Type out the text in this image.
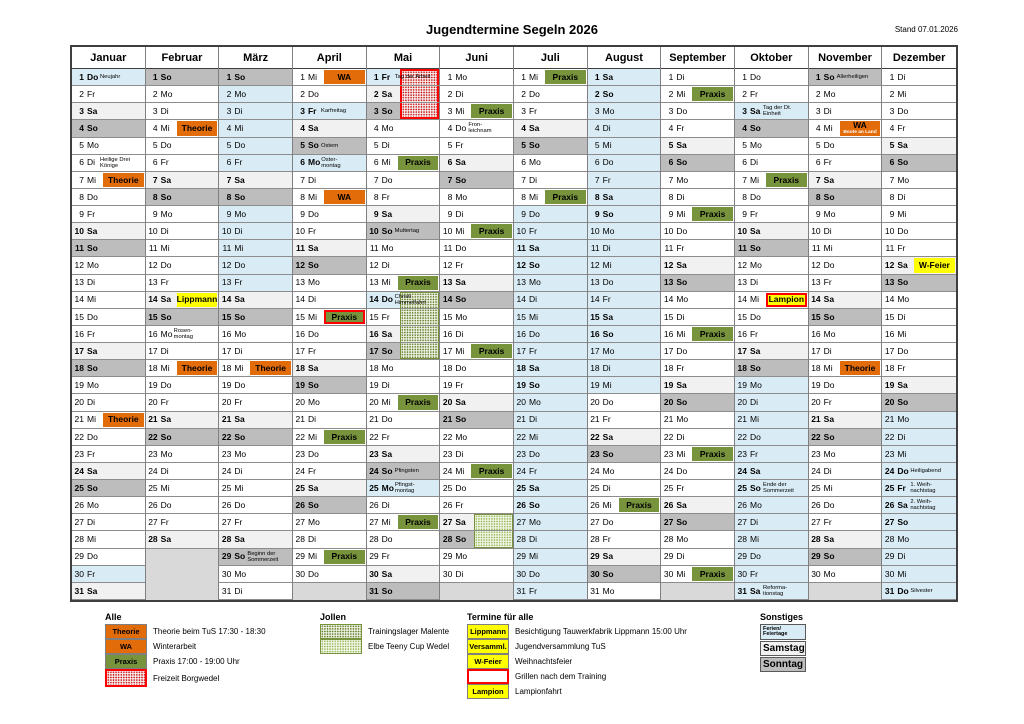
Jugendtermine Segeln 2026	Stand 07.01.2026
Januar
1 Do Neujahr
2 Fr
3 Sa
4 So
5 Mo
6 Di Heilige Drei
Könige
7 Mi	Theorie
8 Do
9 Fr
10 Sa
11 So
12 Mo
13 Di
14 Mi
15 Do
16 Fr
17 Sa
18 So
19 Mo
20 Di
21 Mi	Theorie
22 Do
23 Fr
24 Sa
25 So
26 Mo
27 Di
28 Mi
29 Do
30 Fr
31 Sa
Februar
1 So
2 Mo
3 Di
4 Mi	Theorie
5 Do
6 Fr
7 Sa
8 So
9 Mo
10 Di
11 Mi
12 Do
13 Fr
14 Sa Lippmann
15 So
16 Mo Rosen-
montag
17 Di
18 Mi	Theorie
19 Do
20 Fr
21 Sa
22 So
23 Mo
24 Di
25 Mi
26 Do
27 Fr
28 Sa
März
1 So
2 Mo
3 Di
4 Mi
5 Do
6 Fr
7 Sa
8 So
9 Mo
10 Di
11 Mi
12 Do
13 Fr
14 Sa
15 So
16 Mo
17 Di
18 Mi	Theorie
19 Do
20 Fr
21 Sa
22 So
23 Mo
24 Di
25 Mi
26 Do
27 Fr
28 Sa
29 So Beginn der
Sommerzeit
30 Mo
31 Di
April
1 Mi	WA
2 Do
3 Fr Karfreitag
4 Sa
5 So Ostern
6 Mo Oster-
montag
7 Di
8 Mi	WA
9 Do
10 Fr
11 Sa
12 So
13 Mo
14 Di
15 Mi	Praxis
16 Do
17 Fr
18 Sa
19 So
20 Mo
21 Di
22 Mi	Praxis
23 Do
24 Fr
25 Sa
26 So
27 Mo
28 Di
29 Mi	Praxis
30 Do
Mai
1 Fr Tag der Arbeit
2 Sa
3 So
4 Mo
5 Di
6 Mi	Praxis
7 Do
8 Fr
9 Sa
10 So Muttertag
11 Mo
12 Di
13 Mi	Praxis
14 Do Christi
Himmelfahrt
15 Fr
16 Sa
17 So
18 Mo
19 Di
20 Mi	Praxis
21 Do
22 Fr
23 Sa
24 So Pfingsten
25 Mo Pfingst-
montag
26 Di
27 Mi	Praxis
28 Do
29 Fr
30 Sa
31 So
Juni
1 Mo
2 Di
3 Mi	Praxis
4 Do Fron-
leichnam
5 Fr
6 Sa
7 So
8 Mo
9 Di
10 Mi	Praxis
11 Do
12 Fr
13 Sa
14 So
15 Mo
16 Di
17 Mi	Praxis
18 Do
19 Fr
20 Sa
21 So
22 Mo
23 Di
24 Mi	Praxis
25 Do
26 Fr
27 Sa
28 So
29 Mo
30 Di
Juli
1 Mi	Praxis
2 Do
3 Fr
4 Sa
5 So
6 Mo
7 Di
8 Mi	Praxis
9 Do
10 Fr
11 Sa
12 So
13 Mo
14 Di
15 Mi
16 Do
17 Fr
18 Sa
19 So
20 Mo
21 Di
22 Mi
23 Do
24 Fr
25 Sa
26 So
27 Mo
28 Di
29 Mi
30 Do
31 Fr
August
1 Sa
2 So
3 Mo
4 Di
5 Mi
6 Do
7 Fr
8 Sa
9 So
10 Mo
11 Di
12 Mi
13 Do
14 Fr
15 Sa
16 So
17 Mo
18 Di
19 Mi
20 Do
21 Fr
22 Sa
23 So
24 Mo
25 Di
26 Mi	Praxis
27 Do
28 Fr
29 Sa
30 So
31 Mo
September
1 Di
2 Mi	Praxis
3 Do
4 Fr
5 Sa
6 So
7 Mo
8 Di
9 Mi	Praxis
10 Do
11 Fr
12 Sa
13 So
14 Mo
15 Di
16 Mi	Praxis
17 Do
18 Fr
19 Sa
20 So
21 Mo
22 Di
23 Mi	Praxis
24 Do
25 Fr
26 Sa
27 So
28 Mo
29 Di
30 Mi	Praxis
Oktober
1 Do
2 Fr
3 Sa Tag der Dt.
Einheit
4 So
5 Mo
6 Di
7 Mi	Praxis
8 Do
9 Fr
10 Sa
11 So
12 Mo
13 Di
14 Mi	Lampion
15 Do
16 Fr
17 Sa
18 So
19 Mo
20 Di
21 Mi
22 Do
23 Fr
24 Sa
25 So Ende der
Sommerzeit
26 Mo
27 Di
28 Mi
29 Do
30 Fr
31 Sa Reforma-
tionstag
November
1 So Allerheiligen
2 Mo
3 Di
4 Mi	WA
Boote an Land
5 Do
6 Fr
7 Sa
8 So
9 Mo
10 Di
11 Mi
12 Do
13 Fr
14 Sa
15 So
16 Mo
17 Di
18 Mi	Theorie
19 Do
20 Fr
21 Sa
22 So
23 Mo
24 Di
25 Mi
26 Do
27 Fr
28 Sa
29 So
30 Mo
Dezember
1 Di
2 Mi
3 Do
4 Fr
5 Sa
6 So
7 Mo
8 Di
9 Mi
10 Do
11 Fr
12 Sa W-Feier
13 So
14 Mo
15 Di
16 Mi
17 Do
18 Fr
19 Sa
20 So
21 Mo
22 Di
23 Mi
24 Do Heiligabend
25 Fr 1. Weih-
nachtstag
26 Sa 2. Weih-
nachtstag
27 So
28 Mo
29 Di
30 Mi
31 Do Silvester
Alle
Theorie	Theorie beim TuS 17:30 - 18:30
WA	Winterarbeit
Praxis	Praxis 17:00 - 19:00 Uhr
Freizeit Borgwedel
Jollen
Trainingslager Malente
Elbe Teeny Cup Wedel
Termine für alle
Lippmann	Besichtigung Tauwerkfabrik Lippmann 15:00 Uhr
Versamml. Jugendversammlung TuS
W-Feier	Weihnachtsfeier
Grillen nach dem Training
Lampion	Lampionfahrt
Sonstiges
Ferien/
Feiertage
Samstag
Sonntag
